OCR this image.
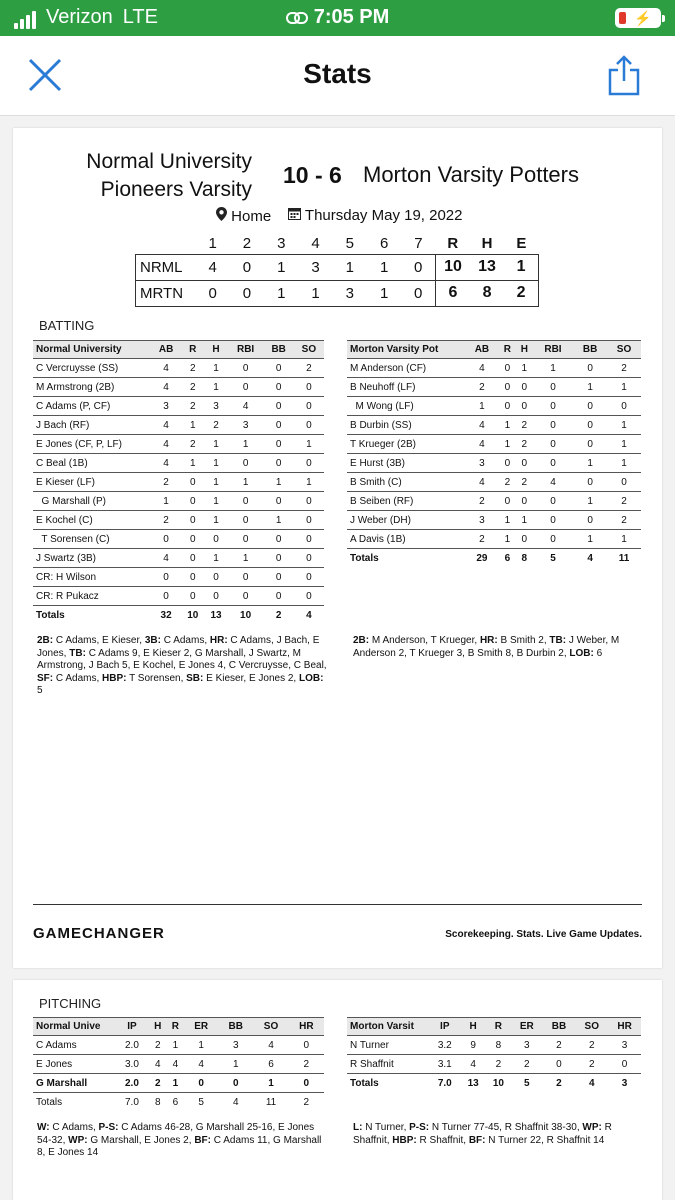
Verizon LTE	7:05 PM	⚡
Stats
Normal University
Pioneers Varsity
10 - 6 Morton Varsity Potters
Home	Thursday May 19, 2022
	1	2	3	4	5	6	7	R	H	E
NRML	4	0	1	3	1	1	0	10	13	1
MRTN	0	0	1	1	3	1	0	6	8	2
BATTING
Normal University	AB	R	H	RBI	BB	SO
C Vercruysse (SS)	4	2	1	0	0	2
M Armstrong (2B)	4	2	1	0	0	0
C Adams (P, CF)	3	2	3	4	0	0
J Bach (RF)	4	1	2	3	0	0
E Jones (CF, P, LF)	4	2	1	1	0	1
C Beal (1B)	4	1	1	0	0	0
E Kieser (LF)	2	0	1	1	1	1
G Marshall (P)	1	0	1	0	0	0
E Kochel (C)	2	0	1	0	1	0
T Sorensen (C)	0	0	0	0	0	0
J Swartz (3B)	4	0	1	1	0	0
CR: H Wilson	0	0	0	0	0	0
CR: R Pukacz	0	0	0	0	0	0
Totals	32	10	13	10	2	4
Morton Varsity Pot	AB	R	H	RBI	BB	SO
M Anderson (CF)	4	0	1	1	0	2
B Neuhoff (LF)	2	0	0	0	1	1
M Wong (LF)	1	0	0	0	0	0
B Durbin (SS)	4	1	2	0	0	1
T Krueger (2B)	4	1	2	0	0	1
E Hurst (3B)	3	0	0	0	1	1
B Smith (C)	4	2	2	4	0	0
B Seiben (RF)	2	0	0	0	1	2
J Weber (DH)	3	1	1	0	0	2
A Davis (1B)	2	1	0	0	1	1
Totals	29	6	8	5	4	11
2B: C Adams, E Kieser, 3B: C Adams, HR: C Adams, J Bach, E Jones, TB: C Adams 9, E Kieser 2, G Marshall, J Swartz, M Armstrong, J Bach 5, E Kochel, E Jones 4, C Vercruysse, C Beal, SF: C Adams, HBP: T Sorensen, SB: E Kieser, E Jones 2, LOB: 5
2B: M Anderson, T Krueger, HR: B Smith 2, TB: J Weber, M Anderson 2, T Krueger 3, B Smith 8, B Durbin 2, LOB: 6
GAMECHANGER	Scorekeeping. Stats. Live Game Updates.
PITCHING
Normal Unive	IP	H	R	ER	BB	SO	HR
C Adams	2.0	2	1	1	3	4	0
E Jones	3.0	4	4	4	1	6	2
G Marshall	2.0	2	1	0	0	1	0
Totals	7.0	8	6	5	4	11	2
Morton Varsit	IP	H	R	ER	BB	SO	HR
N Turner	3.2	9	8	3	2	2	3
R Shaffnit	3.1	4	2	2	0	2	0
Totals	7.0	13	10	5	2	4	3
W: C Adams, P-S: C Adams 46-28, G Marshall 25-16, E Jones 54-32, WP: G Marshall, E Jones 2, BF: C Adams 11, G Marshall 8, E Jones 14
L: N Turner, P-S: N Turner 77-45, R Shaffnit 38-30, WP: R Shaffnit, HBP: R Shaffnit, BF: N Turner 22, R Shaffnit 14
